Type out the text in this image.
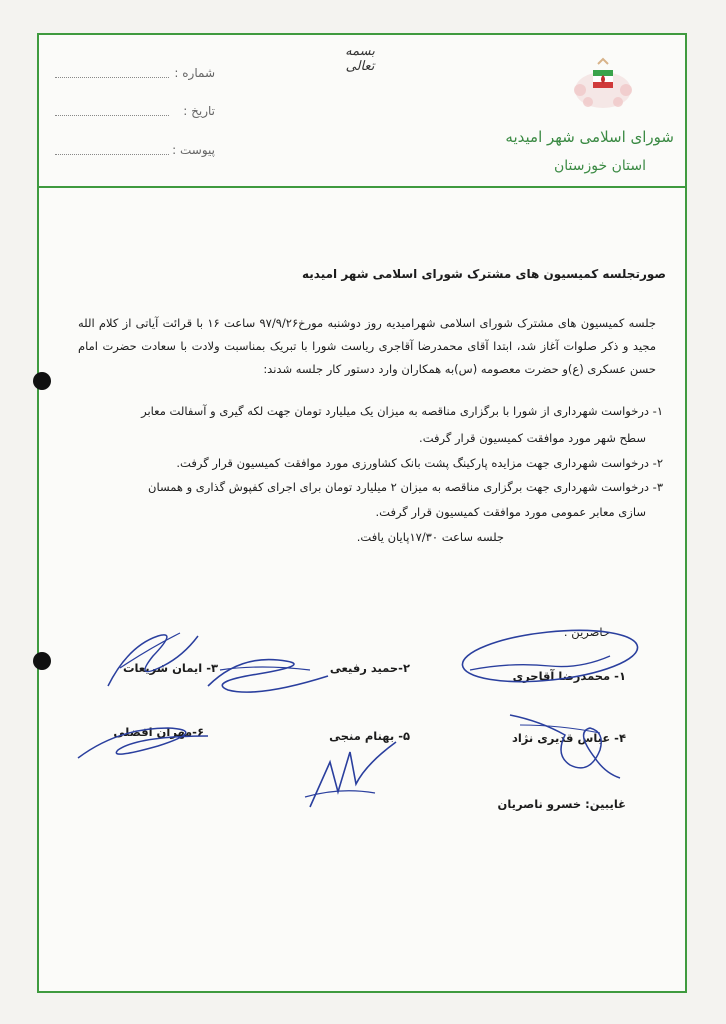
بسمه تعالی
شماره :
تاریخ :
پیوست :
شورای اسلامی شهر امیدیه
استان خوزستان
صورتجلسه کمیسیون های مشترک شورای اسلامی شهر امیدیه
جلسه کمیسیون های مشترک شورای اسلامی شهرامیدیه روز دوشنبه مورخ۹۷/۹/۲۶ ساعت ۱۶ با قرائت آیاتی از کلام الله مجید و ذکر صلوات آغاز شد، ابتدا آقای محمدرضا آقاجری ریاست شورا با تبریک بمناسبت ولادت با سعادت حضرت امام حسن عسکری (ع)و حضرت معصومه (س)به همکاران وارد دستور کار جلسه شدند:
۱- درخواست شهرداری از شورا با برگزاری مناقصه به میزان یک میلیارد تومان جهت لکه گیری و آسفالت معابر
سطح شهر مورد موافقت کمیسیون قرار گرفت.
۲- درخواست شهرداری جهت مزایده پارکینگ پشت بانک کشاورزی مورد موافقت کمیسیون قرار گرفت.
۳- درخواست شهرداری جهت برگزاری مناقصه به میزان ۲ میلیارد تومان برای اجرای کفپوش گذاری و همسان
سازی معابر عمومی مورد موافقت کمیسیون قرار گرفت.
جلسه ساعت ۱۷/۳۰پایان یافت.
حاضرین :
۱- محمدرضا آقاجری
۲-حمید رفیعی
۳- ایمان شریعات
۴- عباس قدیری نژاد
۵- بهنام منجی
۶-مهران افضلی
غایبین: خسرو ناصریان
